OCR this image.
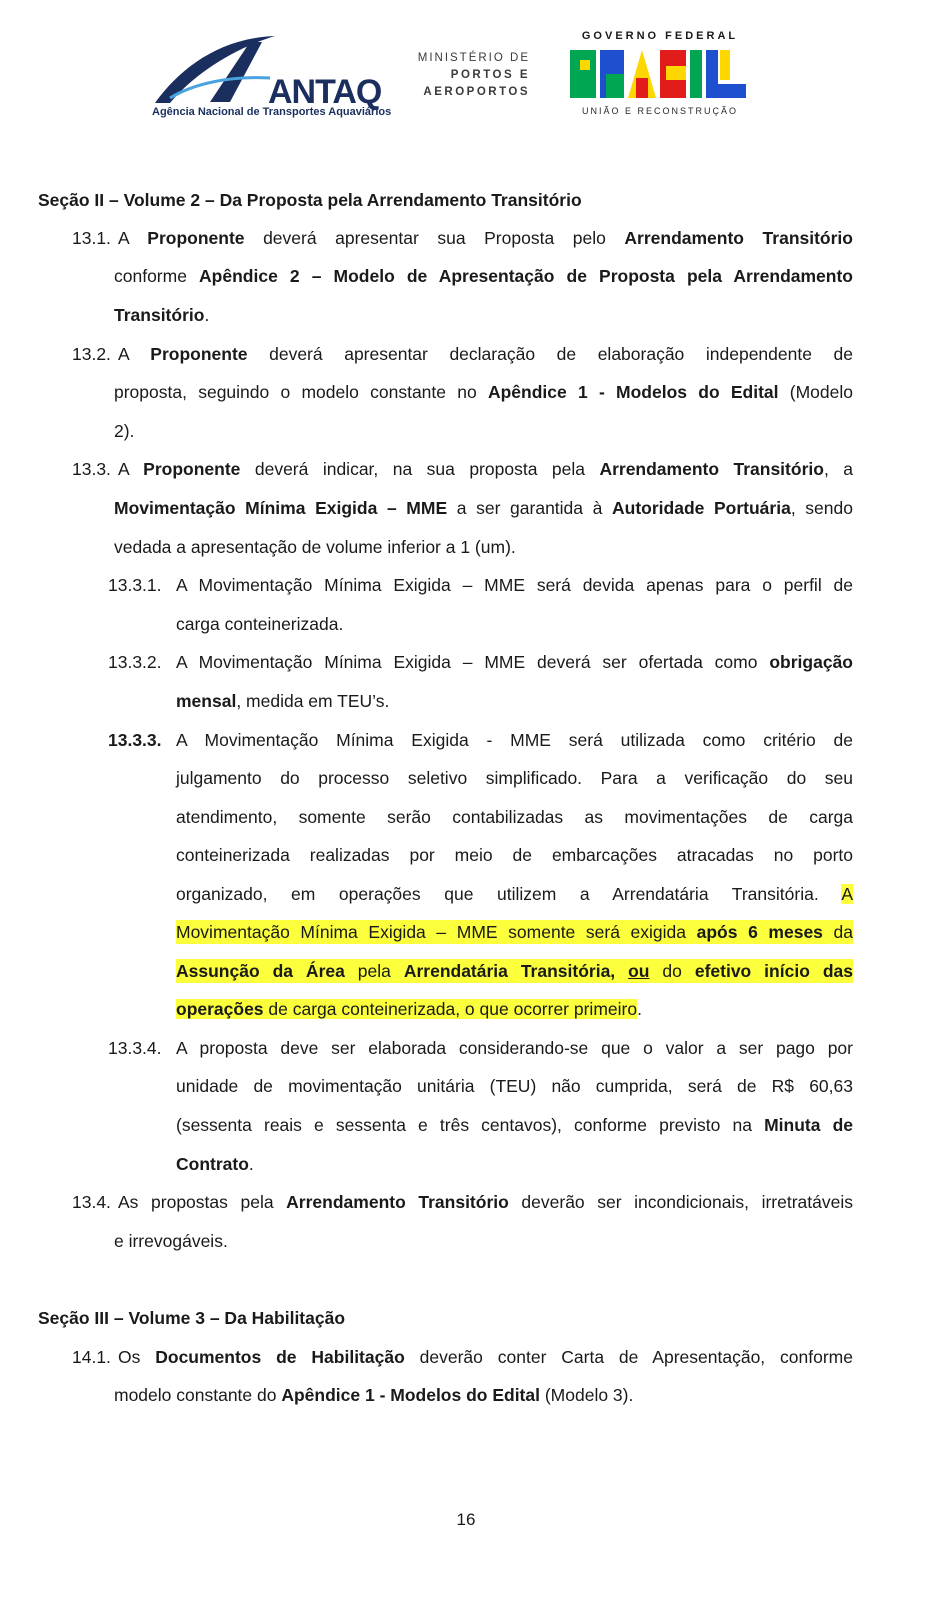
ANTAQ
Agência Nacional de Transportes Aquaviários
MINISTÉRIO DE
PORTOS E
AEROPORTOS
GOVERNO FEDERAL
UNIÃO E RECONSTRUÇÃO
Seção II – Volume 2 – Da Proposta pela Arrendamento Transitório
13.1. A Proponente deverá apresentar sua Proposta pelo Arrendamento Transitório
conforme Apêndice 2 – Modelo de Apresentação de Proposta pela Arrendamento
Transitório.
13.2. A Proponente deverá apresentar declaração de elaboração independente de
proposta, seguindo o modelo constante no Apêndice 1 - Modelos do Edital (Modelo
2).
13.3. A Proponente deverá indicar, na sua proposta pela Arrendamento Transitório, a
Movimentação Mínima Exigida – MME a ser garantida à Autoridade Portuária, sendo
vedada a apresentação de volume inferior a 1 (um).
13.3.1. A Movimentação Mínima Exigida – MME será devida apenas para o perfil de
carga conteinerizada.
13.3.2. A Movimentação Mínima Exigida – MME deverá ser ofertada como obrigação
mensal, medida em TEU’s.
13.3.3. A Movimentação Mínima Exigida - MME será utilizada como critério de
julgamento do processo seletivo simplificado. Para a verificação do seu
atendimento, somente serão contabilizadas as movimentações de carga
conteinerizada realizadas por meio de embarcações atracadas no porto
organizado, em operações que utilizem a Arrendatária Transitória. A
Movimentação Mínima Exigida – MME somente será exigida após 6 meses da
Assunção da Área pela Arrendatária Transitória, ou do efetivo início das
operações de carga conteinerizada, o que ocorrer primeiro.
13.3.4. A proposta deve ser elaborada considerando-se que o valor a ser pago por
unidade de movimentação unitária (TEU) não cumprida, será de R$ 60,63
(sessenta reais e sessenta e três centavos), conforme previsto na Minuta de
Contrato.
13.4. As propostas pela Arrendamento Transitório deverão ser incondicionais, irretratáveis
e irrevogáveis.
Seção III – Volume 3 – Da Habilitação
14.1. Os Documentos de Habilitação deverão conter Carta de Apresentação, conforme
modelo constante do Apêndice 1 - Modelos do Edital (Modelo 3).
16
